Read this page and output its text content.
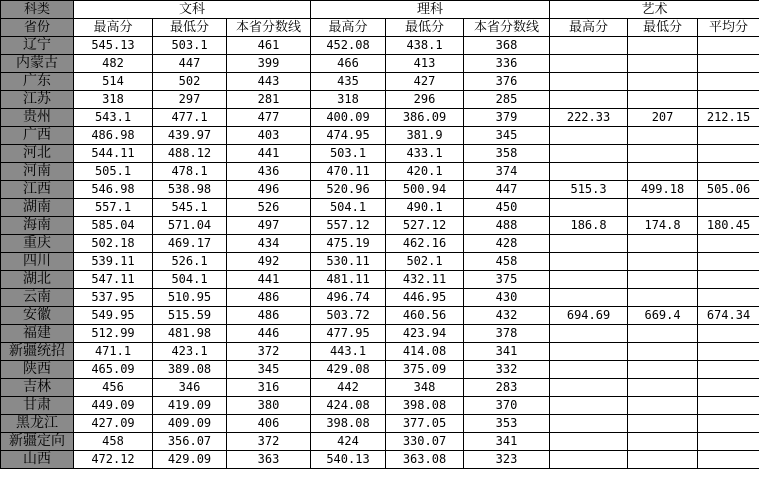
科类	文科			理科			艺术		
省份	最高分	最低分	本省分数线	最高分	最低分	本省分数线	最高分	最低分	平均分
辽宁	545.13	503.1	461	452.08	438.1	368			
内蒙古	482	447	399	466	413	336			
广东	514	502	443	435	427	376			
江苏	318	297	281	318	296	285			
贵州	543.1	477.1	477	400.09	386.09	379	222.33	207	212.15
广西	486.98	439.97	403	474.95	381.9	345			
河北	544.11	488.12	441	503.1	433.1	358			
河南	505.1	478.1	436	470.11	420.1	374			
江西	546.98	538.98	496	520.96	500.94	447	515.3	499.18	505.06
湖南	557.1	545.1	526	504.1	490.1	450			
海南	585.04	571.04	497	557.12	527.12	488	186.8	174.8	180.45
重庆	502.18	469.17	434	475.19	462.16	428			
四川	539.11	526.1	492	530.11	502.1	458			
湖北	547.11	504.1	441	481.11	432.11	375			
云南	537.95	510.95	486	496.74	446.95	430			
安徽	549.95	515.59	486	503.72	460.56	432	694.69	669.4	674.34
福建	512.99	481.98	446	477.95	423.94	378			
新疆统招	471.1	423.1	372	443.1	414.08	341			
陕西	465.09	389.08	345	429.08	375.09	332			
吉林	456	346	316	442	348	283			
甘肃	449.09	419.09	380	424.08	398.08	370			
黑龙江	427.09	409.09	406	398.08	377.05	353			
新疆定向	458	356.07	372	424	330.07	341			
山西	472.12	429.09	363	540.13	363.08	323			
